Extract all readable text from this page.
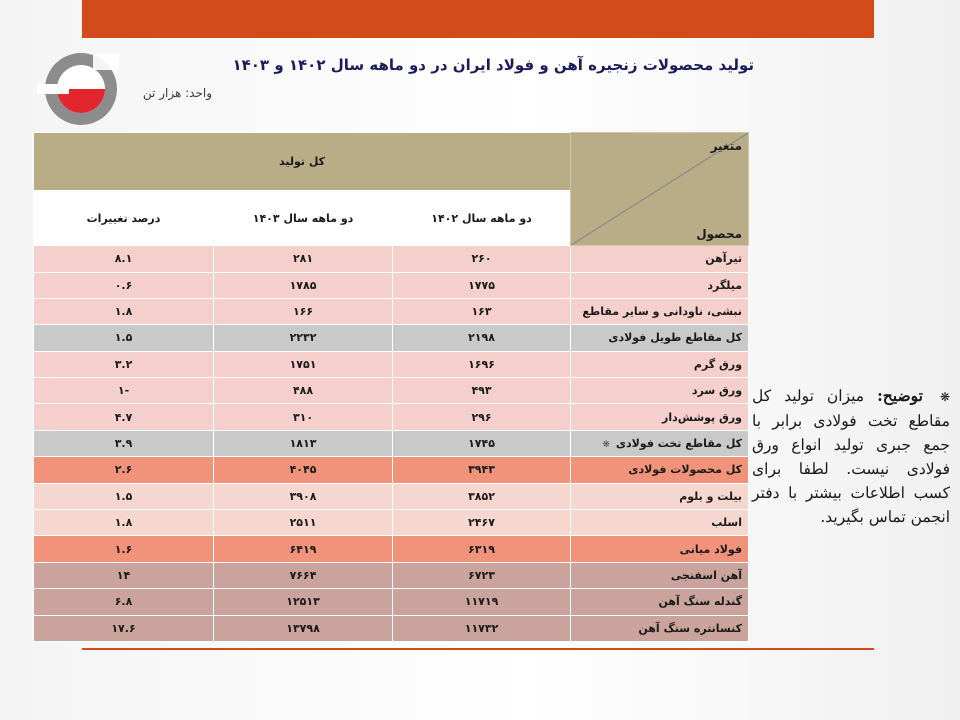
واحد: هزار تن
تولید محصولات زنجیره آهن و فولاد ایران در دو ماهه سال ۱۴۰۲ و ۱۴۰۳
متغیر
محصول	کل تولید		
	دو ماهه سال ۱۴۰۲	دو ماهه سال ۱۴۰۳	درصد تغییرات
تیرآهن	۲۶۰	۲۸۱	۸.۱
میلگرد	۱۷۷۵	۱۷۸۵	۰.۶
نبشی، ناودانی و سایر مقاطع	۱۶۳	۱۶۶	۱.۸
کل مقاطع طویل فولادی	۲۱۹۸	۲۲۳۲	۱.۵
ورق گرم	۱۶۹۶	۱۷۵۱	۳.۲
ورق سرد	۴۹۳	۴۸۸	-۱
ورق پوشش‌دار	۲۹۶	۳۱۰	۴.۷
کل مقاطع تخت فولادی❋	۱۷۴۵	۱۸۱۳	۳.۹
کل محصولات فولادی	۳۹۴۳	۴۰۴۵	۲.۶
بیلت و بلوم	۳۸۵۲	۳۹۰۸	۱.۵
اسلب	۲۴۶۷	۲۵۱۱	۱.۸
فولاد میانی	۶۳۱۹	۶۴۱۹	۱.۶
آهن اسفنجی	۶۷۲۳	۷۶۶۴	۱۴
گندله سنگ آهن	۱۱۷۱۹	۱۲۵۱۳	۶.۸
کنسانتره سنگ آهن	۱۱۷۳۲	۱۳۷۹۸	۱۷.۶
❋ توضیح: میزان تولید کل مقاطع تخت فولادی برابر با جمع جبری تولید انواع ورق فولادی نیست. لطفا برای کسب اطلاعات بیشتر با دفتر انجمن تماس بگیرید.
